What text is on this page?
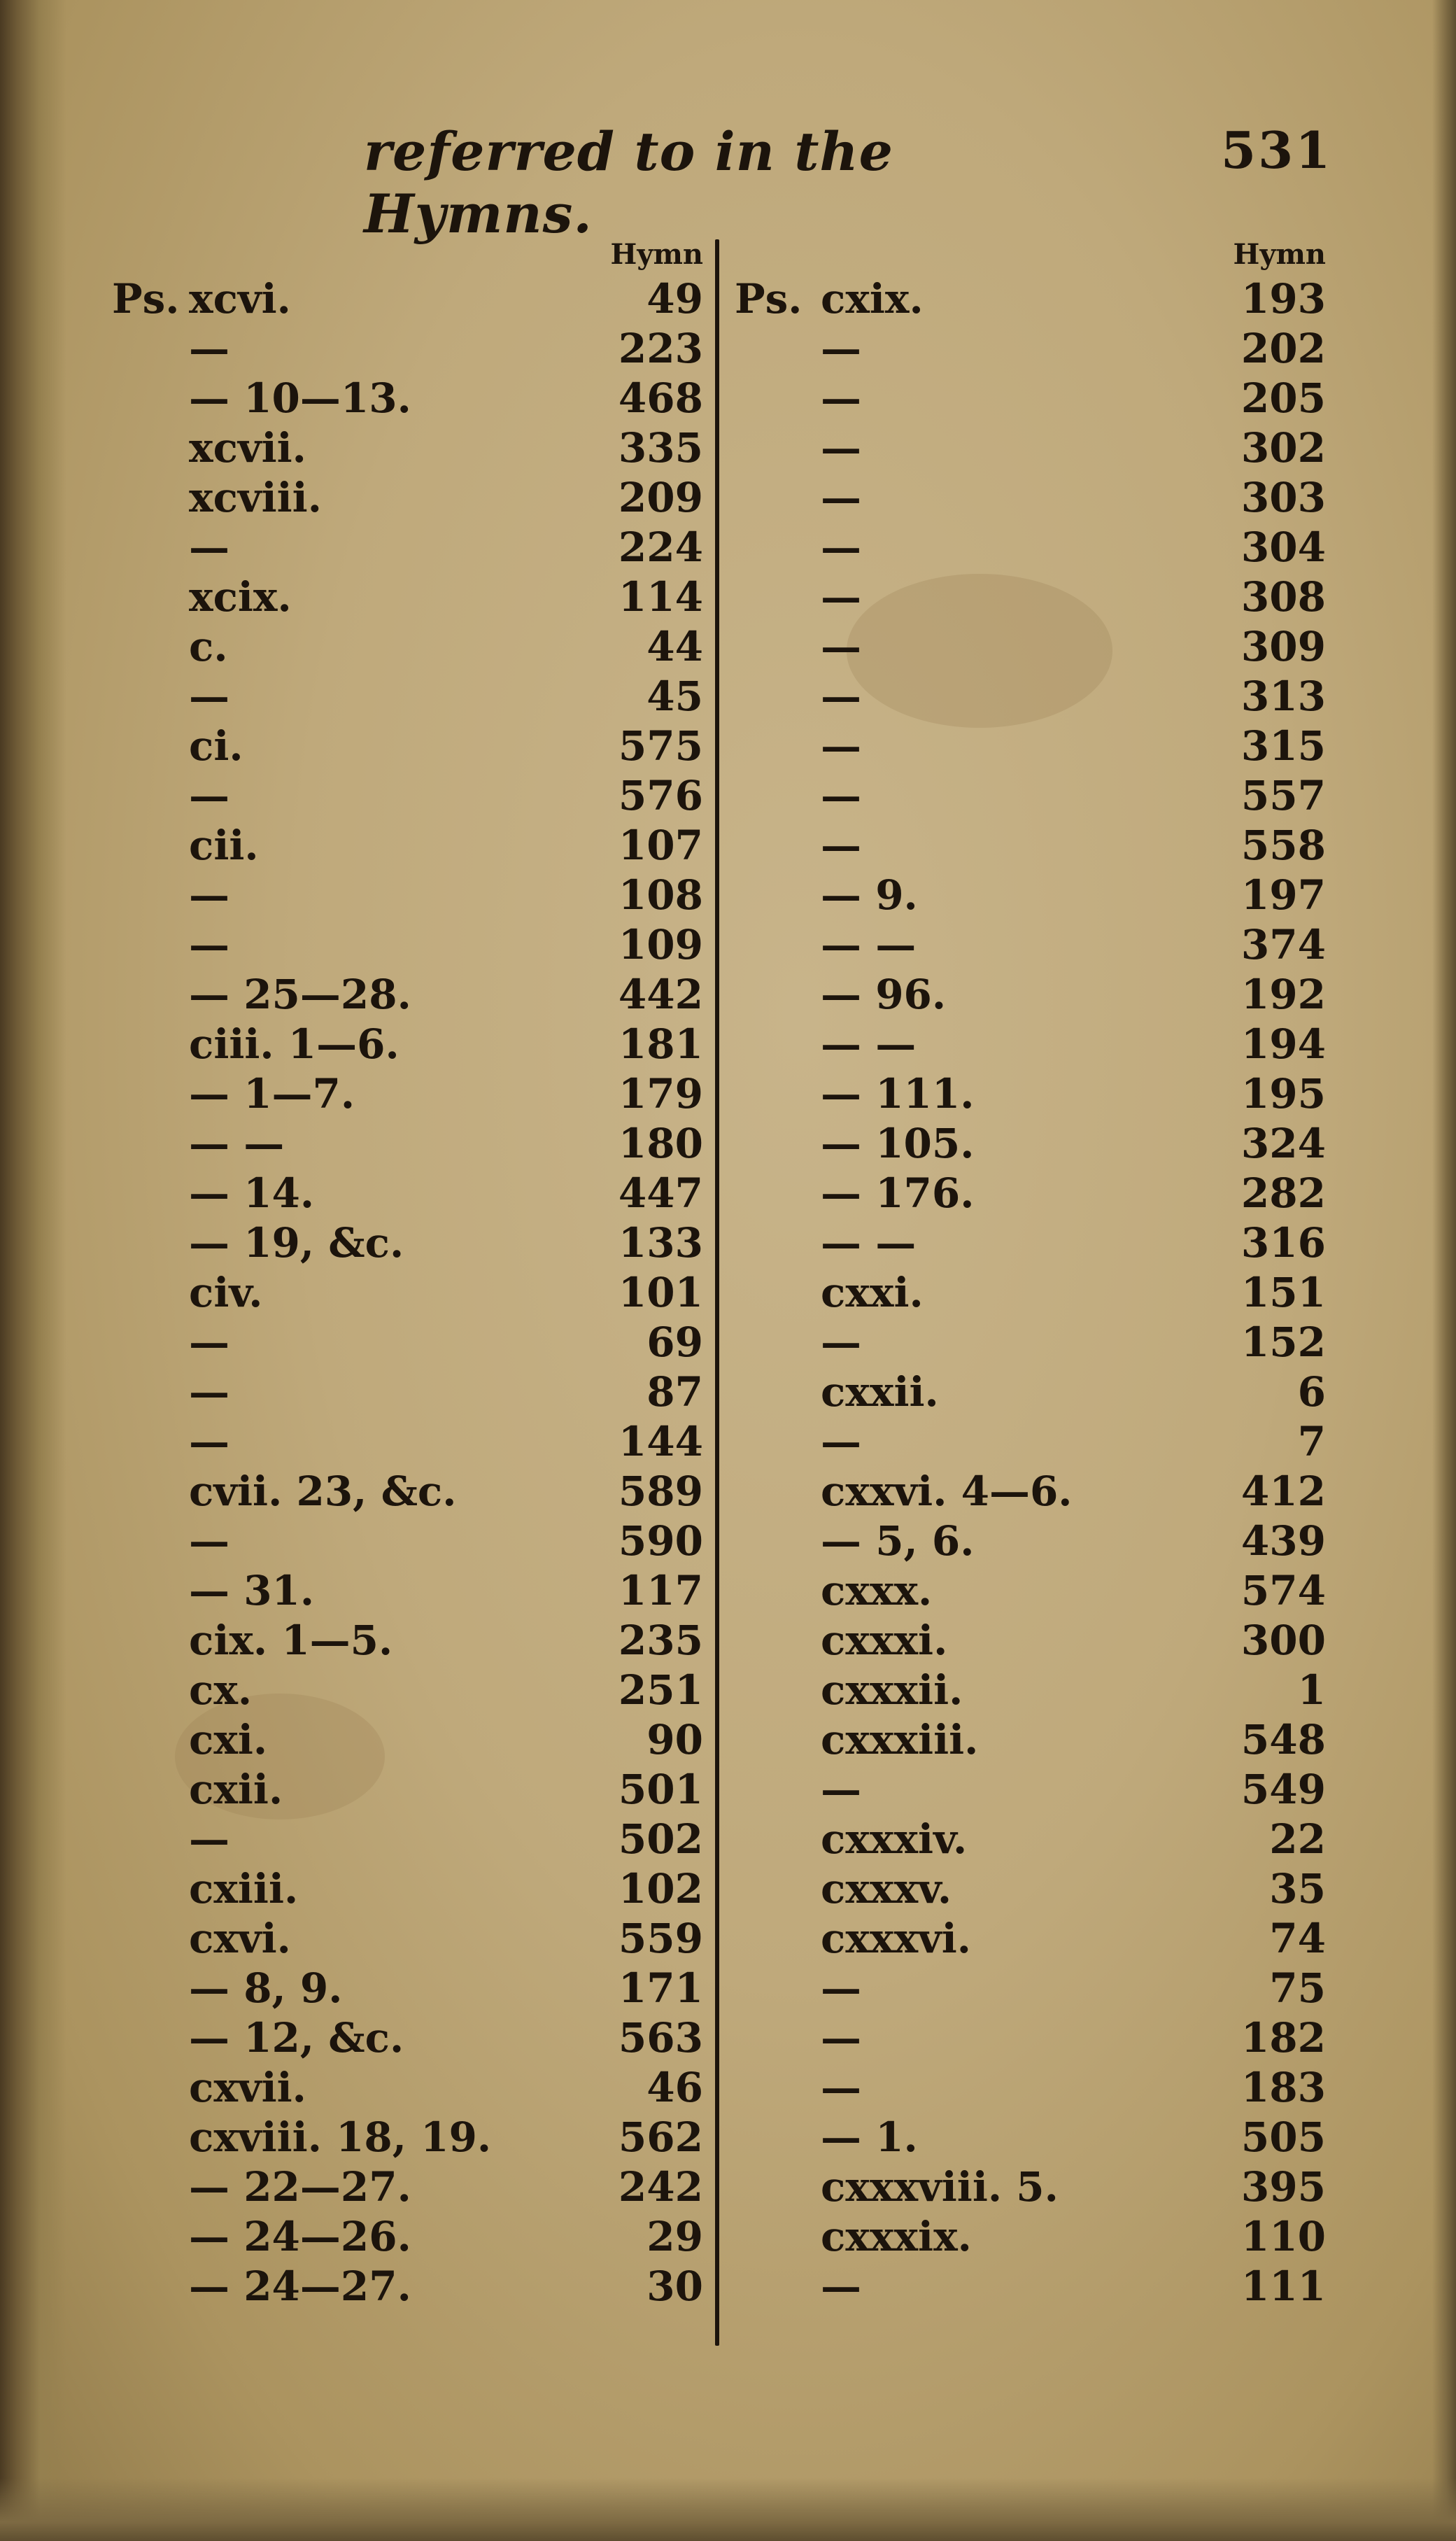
referred to in the Hymns.
531
Hymn
Ps. xcvi.	49
—	223
— 10—13.	468
xcvii.	335
xcviii.	209
—	224
xcix.	114
c.	44
—	45
ci.	575
—	576
cii.	107
—	108
—	109
— 25—28.	442
ciii. 1—6.	181
— 1—7.	179
— —	180
— 14.	447
— 19, &c.	133
civ.	101
—	69
—	87
—	144
cvii. 23, &c.	589
—	590
— 31.	117
cix. 1—5.	235
cx.	251
cxi.	90
cxii.	501
—	502
cxiii.	102
cxvi.	559
— 8, 9.	171
— 12, &c.	563
cxvii.	46
cxviii. 18, 19.	562
— 22—27.	242
— 24—26.	29
— 24—27.	30
Hymn
Ps. cxix.	193
—	202
—	205
—	302
—	303
—	304
—	308
—	309
—	313
—	315
—	557
—	558
— 9.	197
— —	374
— 96.	192
— —	194
— 111.	195
— 105.	324
— 176.	282
— —	316
cxxi.	151
—	152
cxxii.	6
—	7
cxxvi. 4—6.	412
— 5, 6.	439
cxxx.	574
cxxxi.	300
cxxxii.	1
cxxxiii.	548
—	549
cxxxiv.	22
cxxxv.	35
cxxxvi.	74
—	75
—	182
—	183
— 1.	505
cxxxviii. 5.	395
cxxxix.	110
—	111
